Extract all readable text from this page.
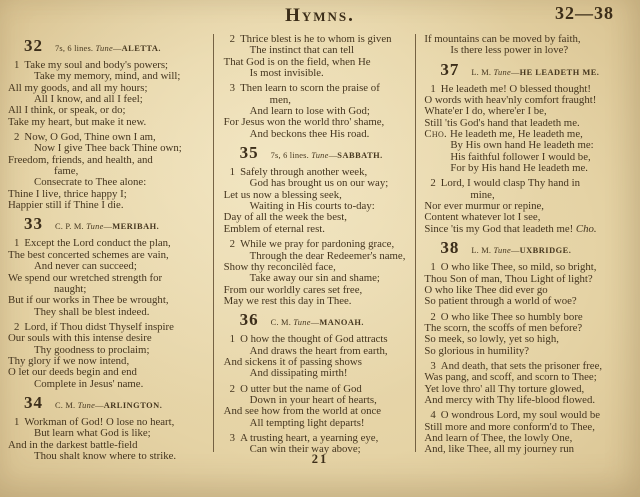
Hymns.	32—38
32 7s, 6 lines. Tune—ALETTA.
1 Take my soul and body's powers;
Take my memory, mind, and will;
All my goods, and all my hours;
All I know, and all I feel;
All I think, or speak, or do;
Take my heart, but make it new.
2 Now, O God, Thine own I am,
Now I give Thee back Thine own;
Freedom, friends, and health, and
fame,
Consecrate to Thee alone:
Thine I live, thrice happy I;
Happier still if Thine I die.
33 C. P. M. Tune—MERIBAH.
1 Except the Lord conduct the plan,
The best concerted schemes are vain,
And never can succeed;
We spend our wretched strength for
naught;
But if our works in Thee be wrought,
They shall be blest indeed.
2 Lord, if Thou didst Thyself inspire
Our souls with this intense desire
Thy goodness to proclaim;
Thy glory if we now intend,
O let our deeds begin and end
Complete in Jesus' name.
34 C. M. Tune—ARLINGTON.
1 Workman of God! O lose no heart,
But learn what God is like;
And in the darkest battle-field
Thou shalt know where to strike.
2 Thrice blest is he to whom is given
The instinct that can tell
That God is on the field, when He
Is most invisible.
3 Then learn to scorn the praise of
men,
And learn to lose with God;
For Jesus won the world thro' shame,
And beckons thee His road.
35 7s, 6 lines. Tune—SABBATH.
1 Safely through another week,
God has brought us on our way;
Let us now a blessing seek,
Waiting in His courts to-day:
Day of all the week the best,
Emblem of eternal rest.
2 While we pray for pardoning grace,
Through the dear Redeemer's name,
Show thy reconcilèd face,
Take away our sin and shame;
From our worldly cares set free,
May we rest this day in Thee.
36 C. M. Tune—MANOAH.
1 O how the thought of God attracts
And draws the heart from earth,
And sickens it of passing shows
And dissipating mirth!
2 O utter but the name of God
Down in your heart of hearts,
And see how from the world at once
All tempting light departs!
3 A trusting heart, a yearning eye,
Can win their way above;
If mountains can be moved by faith,
Is there less power in love?
37 L. M. Tune—HE LEADETH ME.
1 He leadeth me! O blessed thought!
O words with heav'nly comfort fraught!
Whate'er I do, where'er I be,
Still 'tis God's hand that leadeth me.
Cho. He leadeth me, He leadeth me,
By His own hand He leadeth me:
His faithful follower I would be,
For by His hand He leadeth me.
2 Lord, I would clasp Thy hand in
mine,
Nor ever murmur or repine,
Content whatever lot I see,
Since 'tis my God that leadeth me! Cho.
38 L. M. Tune—UXBRIDGE.
1 O who like Thee, so mild, so bright,
Thou Son of man, Thou Light of light?
O who like Thee did ever go
So patient through a world of woe?
2 O who like Thee so humbly bore
The scorn, the scoffs of men before?
So meek, so lowly, yet so high,
So glorious in humility?
3 And death, that sets the prisoner free,
Was pang, and scoff, and scorn to Thee;
Yet love thro' all Thy torture glowed,
And mercy with Thy life-blood flowed.
4 O wondrous Lord, my soul would be
Still more and more conform'd to Thee,
And learn of Thee, the lowly One,
And, like Thee, all my journey run
21
